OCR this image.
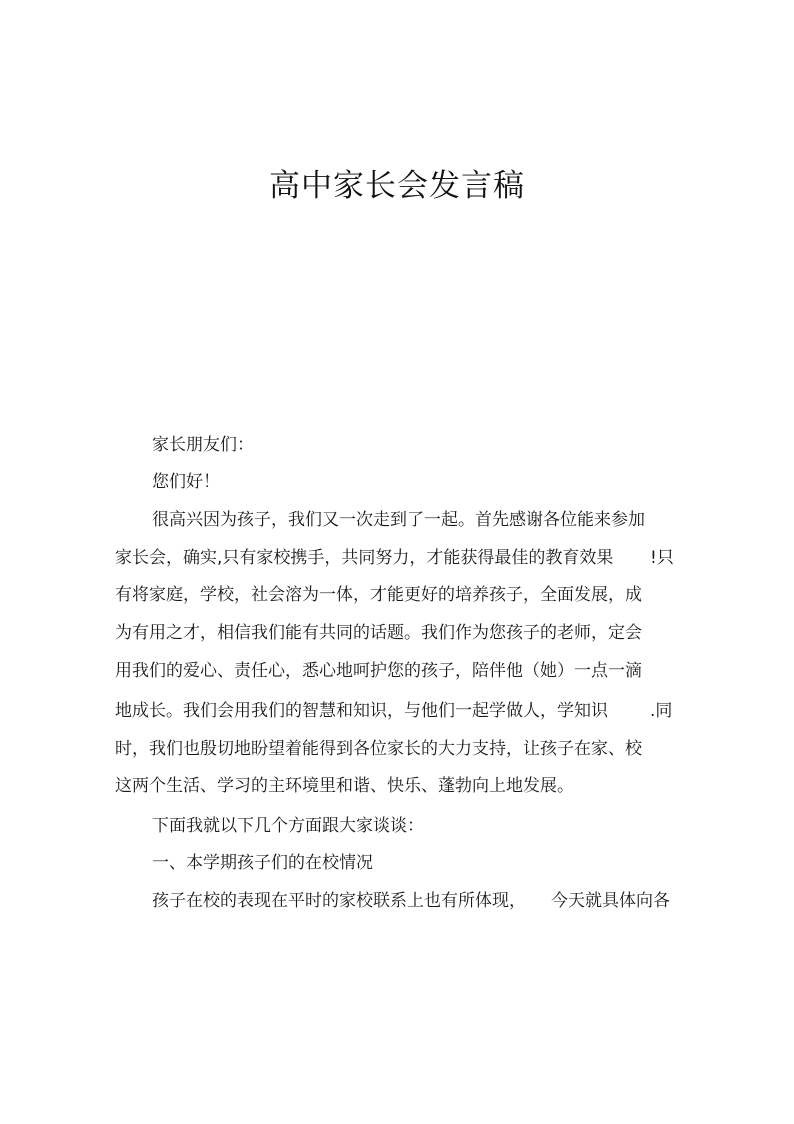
高中家长会发言稿
家长朋友们：
您们好！
很高兴因为孩子，我们又一次走到了一起。首先感谢各位能来参加
家长会，确实,只有家校携手，共同努力，才能获得最佳的教育效果 !只
有将家庭，学校，社会溶为一体，才能更好的培养孩子，全面发展，成
为有用之才，相信我们能有共同的话题。我们作为您孩子的老师，定会
用我们的爱心、责任心，悉心地呵护您的孩子，陪伴他（她）一点一滴
地成长。我们会用我们的智慧和知识，与他们一起学做人，学知识 .同
时，我们也殷切地盼望着能得到各位家长的大力支持，让孩子在家、校
这两个生活、学习的主环境里和谐、快乐、蓬勃向上地发展。
下面我就以下几个方面跟大家谈谈：
一、本学期孩子们的在校情况
孩子在校的表现在平时的家校联系上也有所体现， 今天就具体向各
